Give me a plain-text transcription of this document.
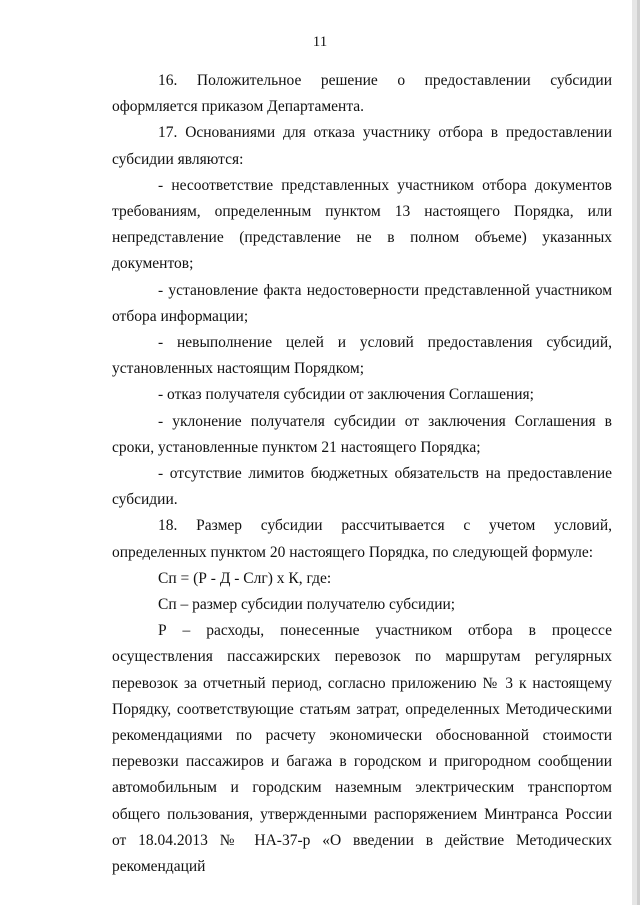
11

16. Положительное решение о предоставлении субсидии оформляется приказом Департамента.

17. Основаниями для отказа участнику отбора в предоставлении субсидии являются:

- несоответствие представленных участником отбора документов требованиям, определенным пунктом 13 настоящего Порядка, или непредставление (представление не в полном объеме) указанных документов;

- установление факта недостоверности представленной участником отбора информации;

- невыполнение целей и условий предоставления субсидий, установленных настоящим Порядком;

- отказ получателя субсидии от заключения Соглашения;

- уклонение получателя субсидии от заключения Соглашения в сроки, установленные пунктом 21 настоящего Порядка;

- отсутствие лимитов бюджетных обязательств на предоставление субсидии.

18. Размер субсидии рассчитывается с учетом условий, определенных пунктом 20 настоящего Порядка, по следующей формуле:

Сп = (Р - Д - Слг) х К, где:

Сп – размер субсидии получателю субсидии;

Р – расходы, понесенные участником отбора в процессе осуществления пассажирских перевозок по маршрутам регулярных перевозок за отчетный период, согласно приложению № 3 к настоящему Порядку, соответствующие статьям затрат, определенных Методическими рекомендациями по расчету экономически обоснованной стоимости перевозки пассажиров и багажа в городском и пригородном сообщении автомобильным и городским наземным электрическим транспортом общего пользования, утвержденными распоряжением Минтранса России от 18.04.2013 № НА-37-р «О введении в действие Методических рекомендаций
